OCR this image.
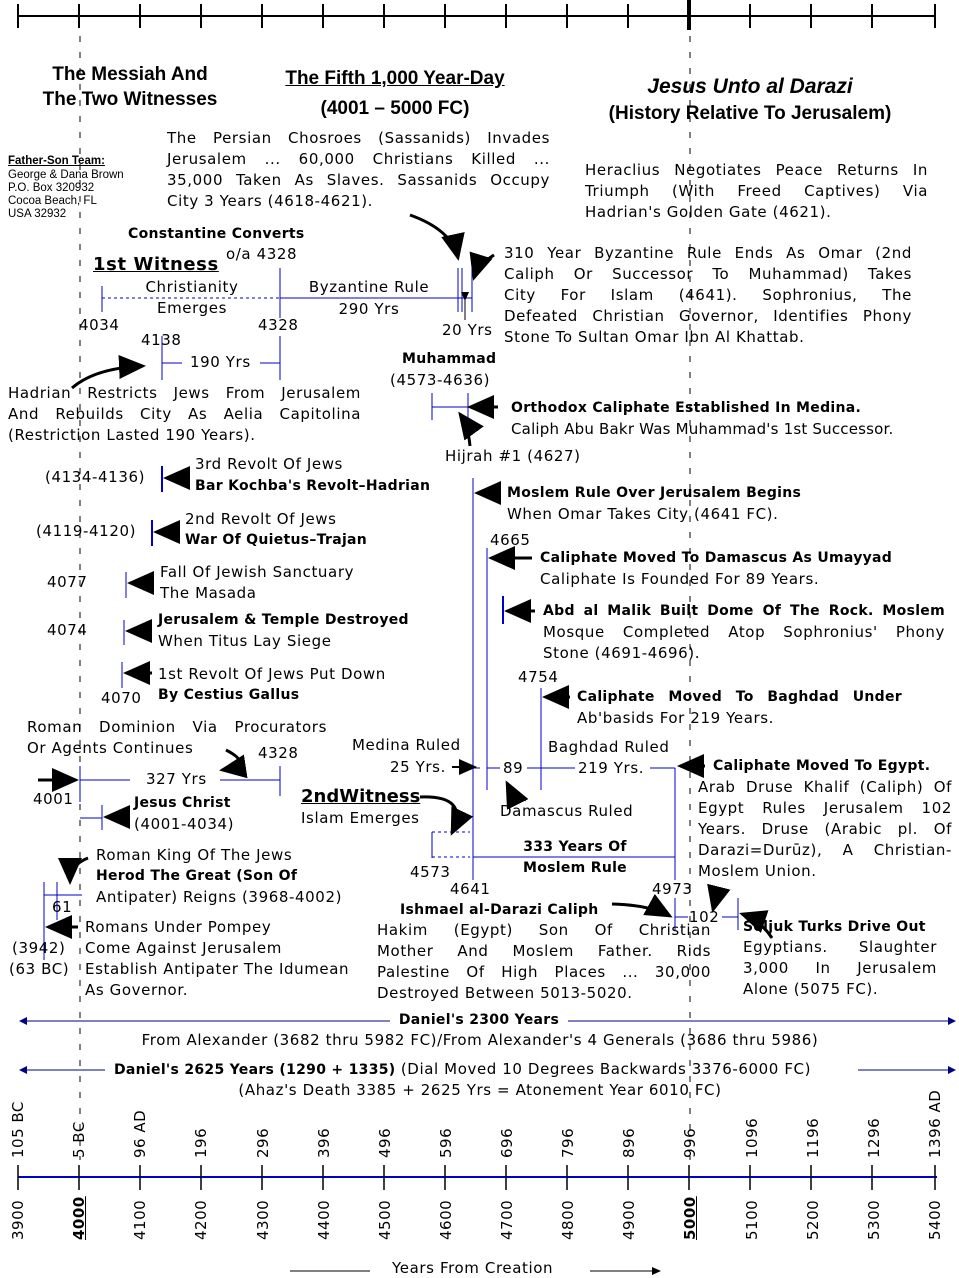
The Messiah And
The Two Witnesses
The Fifth 1,000 Year-Day
(4001 – 5000 FC)
Jesus Unto al Darazi
(History Relative To Jerusalem)
Father-Son Team:
George & Dana Brown
P.O. Box 320932
Cocoa Beach, FL
USA 32932
The Persian Chosroes (Sassanids) Invades
Jerusalem ... 60,000 Christians Killed ...
35,000 Taken As Slaves. Sassanids Occupy
City 3 Years (4618-4621).
Heraclius Negotiates Peace Returns In
Triumph (With Freed Captives) Via
Hadrian's Golden Gate (4621).
Constantine Converts
o/a 4328
1st Witness
Christianity
Emerges
Byzantine Rule
290 Yrs
4034	4328	20 Yrs
310 Year Byzantine Rule Ends As Omar (2nd
Caliph Or Successor To Muhammad) Takes
City For Islam (4641). Sophronius, The
Defeated Christian Governor, Identifies Phony
Stone To Sultan Omar Ibn Al Khattab.
4138
190 Yrs	Muhammad
(4573-4636)
Hadrian Restricts Jews From Jerusalem
And Rebuilds City As Aelia Capitolina
(Restriction Lasted 190 Years).
Orthodox Caliphate Established In Medina.
Caliph Abu Bakr Was Muhammad's 1st Successor.
Hijrah #1 (4627)
(4134-4136)
3rd Revolt Of Jews
Bar Kochba's Revolt–Hadrian	Moslem Rule Over Jerusalem Begins
When Omar Takes City (4641 FC).
(4119-4120)
2nd Revolt Of Jews
War Of Quietus–Trajan	4665
Caliphate Moved To Damascus As Umayyad
Caliphate Is Founded For 89 Years.
4077
Fall Of Jewish Sanctuary
The Masada
Abd al Malik Built Dome Of The Rock. Moslem
Mosque Completed Atop Sophronius' Phony
Stone (4691-4696).
4074
Jerusalem & Temple Destroyed
When Titus Lay Siege
1st Revolt Of Jews Put Down
By Cestius Gallus
4070
4754
Caliphate Moved To Baghdad Under
Ab'basids For 219 Years.
Roman Dominion Via Procurators
Or Agents Continues	4328	Medina Ruled
25 Yrs.
Baghdad Ruled
219 Yrs.
89
327 Yrs
4001	Jesus Christ
(4001-4034)
2ndWitness
Islam Emerges	Damascus Ruled
Caliphate Moved To Egypt.
Arab Druse Khalif (Caliph) Of
Egypt Rules Jerusalem 102
Years. Druse (Arabic pl. Of
Darazi=Durūz), A Christian-
Moslem Union.
Roman King Of The Jews
Herod The Great (Son Of
Antipater) Reigns (3968-4002)
333 Years Of
Moslem Rule
4573
4641	4973
61	Ishmael al-Darazi Caliph
Hakim (Egypt) Son Of Christian
Mother And Moslem Father. Rids
Palestine Of High Places ... 30,000
Destroyed Between 5013-5020.
102
Seljuk Turks Drive Out
Egyptians. Slaughter
3,000 In Jerusalem
Alone (5075 FC).
Romans Under Pompey
Come Against Jerusalem
Establish Antipater The Idumean
As Governor.
(3942)
(63 BC)
Daniel's 2300 Years
From Alexander (3682 thru 5982 FC)/From Alexander's 4 Generals (3686 thru 5986)
Daniel's 2625 Years (1290 + 1335) (Dial Moved 10 Degrees Backwards 3376-6000 FC)
(Ahaz's Death 3385 + 2625 Yrs = Atonement Year 6010 FC)
Years From Creation
105 BC	5 BC	96 AD	196	296	396	496	596	696	796	896	996	1096	1196	1296	1396 AD
3900	4000	4100	4200	4300	4400	4500	4600	4700	4800	4900	5000	5100	5200	5300	5400
